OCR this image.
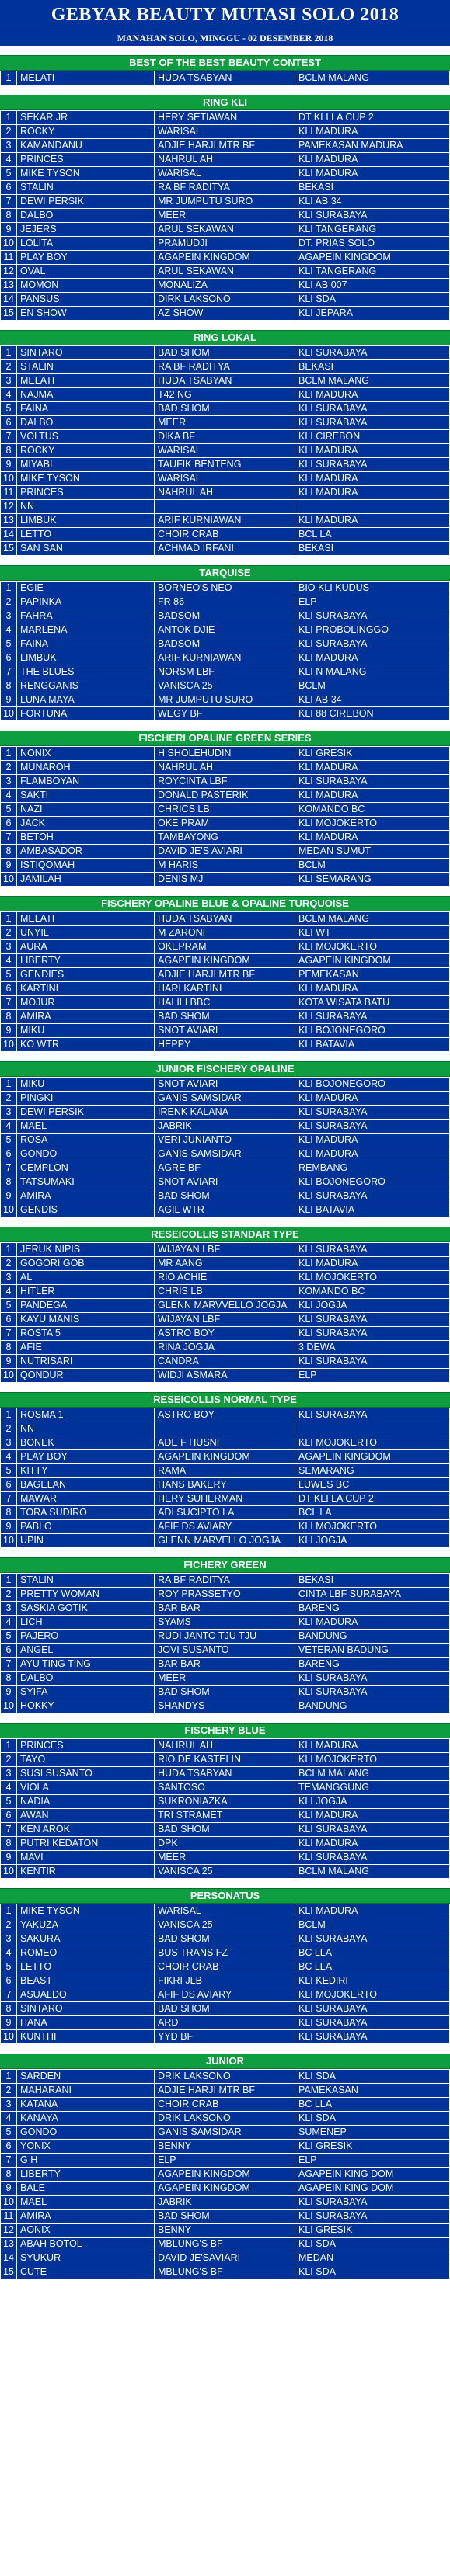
GEBYAR BEAUTY MUTASI SOLO 2018
MANAHAN SOLO, MINGGU - 02 DESEMBER 2018
BEST OF THE BEST BEAUTY CONTEST
1	MELATI	HUDA TSABYAN	BCLM MALANG
RING KLI
1	SEKAR JR	HERY SETIAWAN	DT KLI LA CUP 2
2	ROCKY	WARISAL	KLI MADURA
3	KAMANDANU	ADJIE HARJI MTR BF	PAMEKASAN MADURA
4	PRINCES	NAHRUL AH	KLI MADURA
5	MIKE TYSON	WARISAL	KLI MADURA
6	STALIN	RA BF RADITYA	BEKASI
7	DEWI PERSIK	MR JUMPUTU SURO	KLI AB 34
8	DALBO	MEER	KLI SURABAYA
9	JEJERS	ARUL SEKAWAN	KLI TANGERANG
10	LOLITA	PRAMUDJI	DT. PRIAS SOLO
11	PLAY BOY	AGAPEIN KINGDOM	AGAPEIN KINGDOM
12	OVAL	ARUL SEKAWAN	KLI TANGERANG
13	MOMON	MONALIZA	KLI AB 007
14	PANSUS	DIRK LAKSONO	KLI SDA
15	EN SHOW	AZ SHOW	KLI JEPARA
RING LOKAL
1	SINTARO	BAD SHOM	KLI SURABAYA
2	STALIN	RA BF RADITYA	BEKASI
3	MELATI	HUDA TSABYAN	BCLM MALANG
4	NAJMA	T42 NG	KLI MADURA
5	FAINA	BAD SHOM	KLI SURABAYA
6	DALBO	MEER	KLI SURABAYA
7	VOLTUS	DIKA BF	KLI CIREBON
8	ROCKY	WARISAL	KLI MADURA
9	MIYABI	TAUFIK BENTENG	KLI SURABAYA
10	MIKE TYSON	WARISAL	KLI MADURA
11	PRINCES	NAHRUL AH	KLI MADURA
12	NN		
13	LIMBUK	ARIF KURNIAWAN	KLI MADURA
14	LETTO	CHOIR CRAB	BCL LA
15	SAN SAN	ACHMAD IRFANI	BEKASI
TARQUISE
1	EGIE	BORNEO'S NEO	BIO KLI KUDUS
2	PAPINKA	FR 86	ELP
3	FAHRA	BADSOM	KLI SURABAYA
4	MARLENA	ANTOK DJIE	KLI PROBOLINGGO
5	FAINA	BADSOM	KLI SURABAYA
6	LIMBUK	ARIF KURNIAWAN	KLI MADURA
7	THE BLUES	NORSM LBF	KLI N MALANG
8	RENGGANIS	VANISCA 25	BCLM
9	LUNA MAYA	MR JUMPUTU SURO	KLI AB 34
10	FORTUNA	WEGY BF	KLI 88 CIREBON
FISCHERI OPALINE GREEN SERIES
1	NONIX	H SHOLEHUDIN	KLI GRESIK
2	MUNAROH	NAHRUL AH	KLI MADURA
3	FLAMBOYAN	ROYCINTA LBF	KLI SURABAYA
4	SAKTI	DONALD PASTERIK	KLI MADURA
5	NAZI	CHRICS LB	KOMANDO BC
6	JACK	OKE PRAM	KLI MOJOKERTO
7	BETOH	TAMBAYONG	KLI MADURA
8	AMBASADOR	DAVID JE'S AVIARI	MEDAN SUMUT
9	ISTIQOMAH	M HARIS	BCLM
10	JAMILAH	DENIS MJ	KLI SEMARANG
FISCHERY OPALINE BLUE & OPALINE TURQUOISE
1	MELATI	HUDA TSABYAN	BCLM MALANG
2	UNYIL	M ZARONI	KLI WT
3	AURA	OKEPRAM	KLI MOJOKERTO
4	LIBERTY	AGAPEIN KINGDOM	AGAPEIN KINGDOM
5	GENDIES	ADJIE HARJI MTR BF	PEMEKASAN
6	KARTINI	HARI KARTINI	KLI MADURA
7	MOJUR	HALILI BBC	KOTA WISATA BATU
8	AMIRA	BAD SHOM	KLI SURABAYA
9	MIKU	SNOT AVIARI	KLI BOJONEGORO
10	KO WTR	HEPPY	KLI BATAVIA
JUNIOR FISCHERY OPALINE
1	MIKU	SNOT AVIARI	KLI BOJONEGORO
2	PINGKI	GANIS SAMSIDAR	KLI MADURA
3	DEWI PERSIK	IRENK KALANA	KLI SURABAYA
4	MAEL	JABRIK	KLI SURABAYA
5	ROSA	VERI JUNIANTO	KLI MADURA
6	GONDO	GANIS SAMSIDAR	KLI MADURA
7	CEMPLON	AGRE BF	REMBANG
8	TATSUMAKI	SNOT AVIARI	KLI BOJONEGORO
9	AMIRA	BAD SHOM	KLI SURABAYA
10	GENDIS	AGIL WTR	KLI BATAVIA
RESEICOLLIS STANDAR TYPE
1	JERUK NIPIS	WIJAYAN LBF	KLI SURABAYA
2	GOGORI GOB	MR AANG	KLI MADURA
3	AL	RIO ACHIE	KLI MOJOKERTO
4	HITLER	CHRIS LB	KOMANDO BC
5	PANDEGA	GLENN MARVVELLO JOGJA	KLI JOGJA
6	KAYU MANIS	WIJAYAN LBF	KLI SURABAYA
7	ROSTA 5	ASTRO BOY	KLI SURABAYA
8	AFIE	RINA JOGJA	3 DEWA
9	NUTRISARI	CANDRA	KLI SURABAYA
10	QONDUR	WIDJI ASMARA	ELP
RESEICOLLIS NORMAL TYPE
1	ROSMA 1	ASTRO BOY	KLI SURABAYA
2	NN		
3	BONEK	ADE F HUSNI	KLI MOJOKERTO
4	PLAY BOY	AGAPEIN KINGDOM	AGAPEIN KINGDOM
5	KITTY	RAMA	SEMARANG
6	BAGELAN	HANS BAKERY	LUWES BC
7	MAWAR	HERY SUHERMAN	DT KLI LA CUP 2
8	TORA SUDIRO	ADI SUCIPTO LA	BCL LA
9	PABLO	AFIF DS AVIARY	KLI MOJOKERTO
10	UPIN	GLENN MARVELLO JOGJA	KLI JOGJA
FICHERY GREEN
1	STALIN	RA BF RADITYA	BEKASI
2	PRETTY WOMAN	ROY PRASSETYO	CINTA LBF SURABAYA
3	SASKIA GOTIK	BAR BAR	BARENG
4	LICH	SYAMS	KLI MADURA
5	PAJERO	RUDI JANTO TJU TJU	BANDUNG
6	ANGEL	JOVI SUSANTO	VETERAN BADUNG
7	AYU TING TING	BAR BAR	BARENG
8	DALBO	MEER	KLI SURABAYA
9	SYIFA	BAD SHOM	KLI SURABAYA
10	HOKKY	SHANDYS	BANDUNG
FISCHERY BLUE
1	PRINCES	NAHRUL AH	KLI MADURA
2	TAYO	RIO DE KASTELIN	KLI MOJOKERTO
3	SUSI SUSANTO	HUDA TSABYAN	BCLM MALANG
4	VIOLA	SANTOSO	TEMANGGUNG
5	NADIA	SUKRONIAZKA	KLI JOGJA
6	AWAN	TRI STRAMET	KLI MADURA
7	KEN AROK	BAD SHOM	KLI SURABAYA
8	PUTRI KEDATON	DPK	KLI MADURA
9	MAVI	MEER	KLI SURABAYA
10	KENTIR	VANISCA 25	BCLM MALANG
PERSONATUS
1	MIKE TYSON	WARISAL	KLI MADURA
2	YAKUZA	VANISCA 25	BCLM
3	SAKURA	BAD SHOM	KLI SURABAYA
4	ROMEO	BUS TRANS FZ	BC LLA
5	LETTO	CHOIR CRAB	BC LLA
6	BEAST	FIKRI JLB	KLI KEDIRI
7	ASUALDO	AFIF DS AVIARY	KLI MOJOKERTO
8	SINTARO	BAD SHOM	KLI SURABAYA
9	HANA	ARD	KLI SURABAYA
10	KUNTHI	YYD BF	KLI SURABAYA
JUNIOR
1	SARDEN	DRIK LAKSONO	KLI SDA
2	MAHARANI	ADJIE HARJI MTR BF	PAMEKASAN
3	KATANA	CHOIR CRAB	BC LLA
4	KANAYA	DRIK LAKSONO	KLI SDA
5	GONDO	GANIS SAMSIDAR	SUMENEP
6	YONIX	BENNY	KLI GRESIK
7	G H	ELP	ELP
8	LIBERTY	AGAPEIN KINGDOM	AGAPEIN KING DOM
9	BALE	AGAPEIN KINGDOM	AGAPEIN KING DOM
10	MAEL	JABRIK	KLI SURABAYA
11	AMIRA	BAD SHOM	KLI SURABAYA
12	AONIX	BENNY	KLI GRESIK
13	ABAH BOTOL	MBLUNG'S BF	KLI SDA
14	SYUKUR	DAVID JE'SAVIARI	MEDAN
15	CUTE	MBLUNG'S BF	KLI SDA
